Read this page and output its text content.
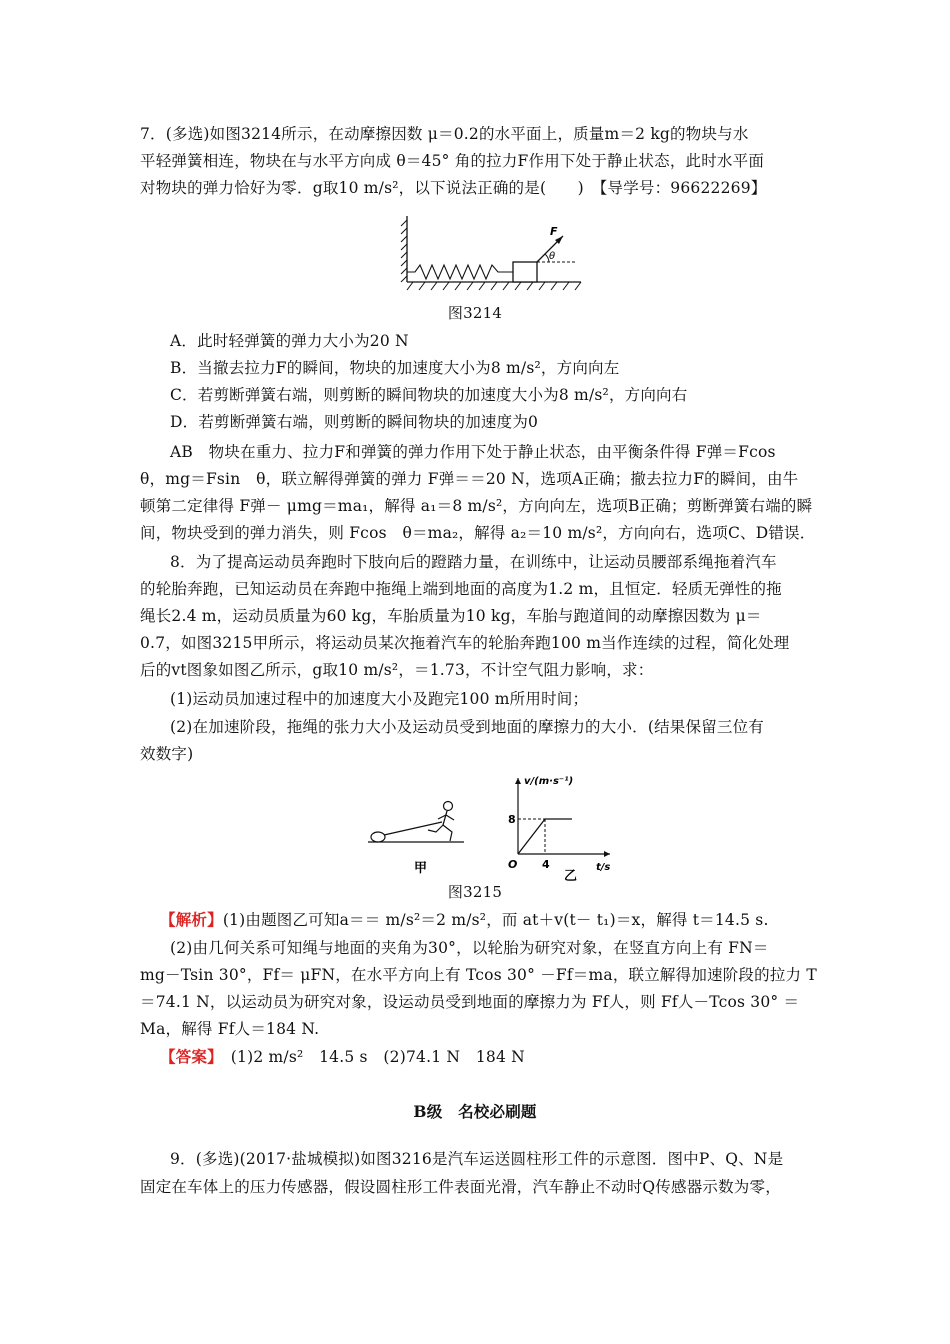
7．(多选)如图3214所示，在动摩擦因数 μ＝0.2的水平面上，质量m＝2 kg的物块与水
平轻弹簧相连，物块在与水平方向成 θ＝45° 角的拉力F作用下处于静止状态，此时水平面
对物块的弹力恰好为零．g取10 m/s²，以下说法正确的是(　　)　【导学号：96622269】
F
θ
图3214
A．此时轻弹簧的弹力大小为20 N
B．当撤去拉力F的瞬间，物块的加速度大小为8 m/s²，方向向左
C．若剪断弹簧右端，则剪断的瞬间物块的加速度大小为8 m/s²，方向向右
D．若剪断弹簧右端，则剪断的瞬间物块的加速度为0
AB　物块在重力、拉力F和弹簧的弹力作用下处于静止状态，由平衡条件得 F弹＝Fcos
θ，mg＝Fsin　θ，联立解得弹簧的弹力 F弹＝＝20 N，选项A正确；撤去拉力F的瞬间，由牛
顿第二定律得 F弹－ μmg＝ma₁，解得 a₁＝8 m/s²，方向向左，选项B正确；剪断弹簧右端的瞬
间，物块受到的弹力消失，则 Fcos　θ＝ma₂，解得 a₂＝10 m/s²，方向向右，选项C、D错误．
8．为了提高运动员奔跑时下肢向后的蹬踏力量，在训练中，让运动员腰部系绳拖着汽车
的轮胎奔跑，已知运动员在奔跑中拖绳上端到地面的高度为1.2 m，且恒定．轻质无弹性的拖
绳长2.4 m，运动员质量为60 kg，车胎质量为10 kg，车胎与跑道间的动摩擦因数为 μ＝
0.7，如图3215甲所示，将运动员某次拖着汽车的轮胎奔跑100 m当作连续的过程，简化处理
后的vt图象如图乙所示，g取10 m/s²，＝1.73，不计空气阻力影响，求：
(1)运动员加速过程中的加速度大小及跑完100 m所用时间；
(2)在加速阶段，拖绳的张力大小及运动员受到地面的摩擦力的大小．(结果保留三位有
效数字)
甲
v/(m·s⁻¹)
t/s
O
8
4
乙
图3215
【解析】(1)由题图乙可知a＝＝ m/s²＝2 m/s²，而 at＋v(t－ t₁)＝x，解得 t＝14.5 s.
(2)由几何关系可知绳与地面的夹角为30°，以轮胎为研究对象，在竖直方向上有 FN＝
mg－Tsin 30°，Ff＝ μFN，在水平方向上有 Tcos 30° －Ff＝ma，联立解得加速阶段的拉力 T
＝74.1 N，以运动员为研究对象，设运动员受到地面的摩擦力为 Ff人，则 Ff人－Tcos 30° ＝
Ma，解得 Ff人＝184 N.
【答案】　 (1)2 m/s²　14.5 s　(2)74.1 N　184 N
B级　名校必刷题
9．(多选)(2017·盐城模拟)如图3216是汽车运送圆柱形工件的示意图．图中P、Q、N是
固定在车体上的压力传感器，假设圆柱形工件表面光滑，汽车静止不动时Q传感器示数为零，
